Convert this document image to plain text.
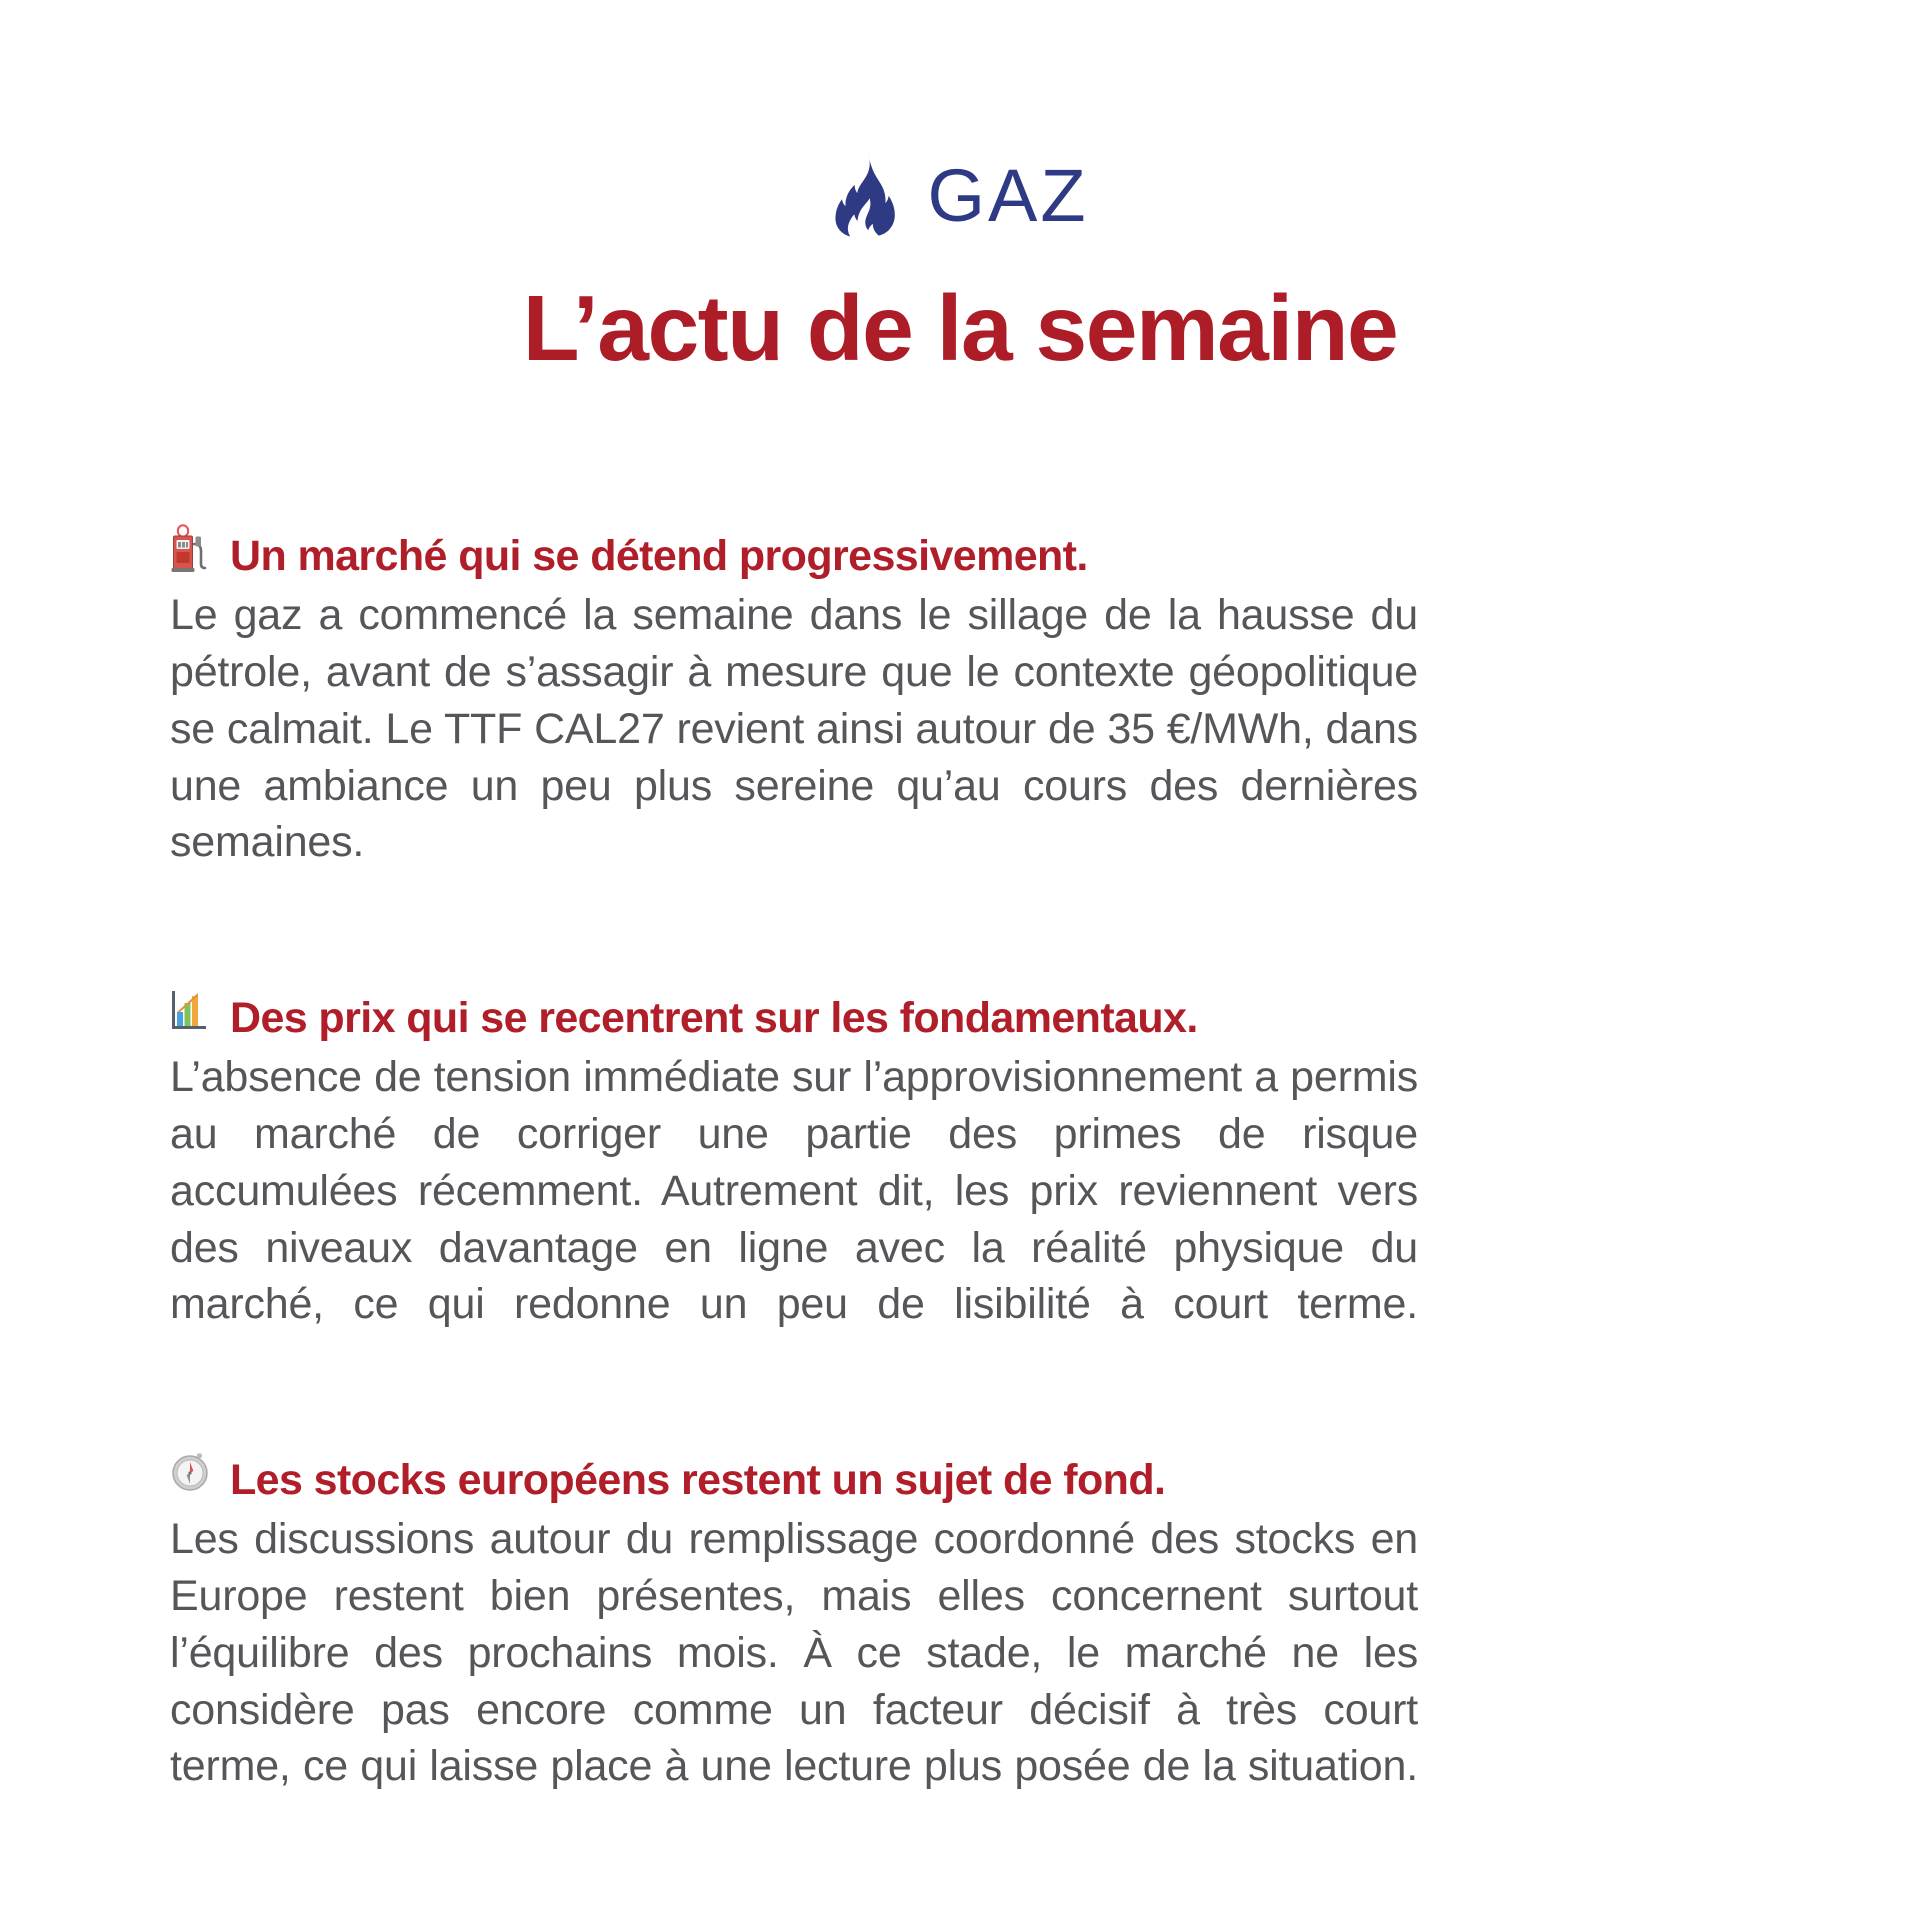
GAZ
L’actu de la semaine
Un marché qui se détend progressivement.

Le gaz a commencé la semaine dans le sillage de la hausse du pétrole, avant de s’assagir à mesure que le contexte géopolitique se calmait. Le TTF CAL27 revient ainsi autour de 35 €/MWh, dans une ambiance un peu plus sereine qu’au cours des dernières semaines.

Des prix qui se recentrent sur les fondamentaux.

L’absence de tension immédiate sur l’approvisionnement a permis au marché de corriger une partie des primes de risque accumulées récemment. Autrement dit, les prix reviennent vers des niveaux davantage en ligne avec la réalité physique du marché, ce qui redonne un peu de lisibilité à court terme.

Les stocks européens restent un sujet de fond.

Les discussions autour du remplissage coordonné des stocks en Europe restent bien présentes, mais elles concernent surtout l’équilibre des prochains mois. À ce stade, le marché ne les considère pas encore comme un facteur décisif à très court terme, ce qui laisse place à une lecture plus posée de la situation.
